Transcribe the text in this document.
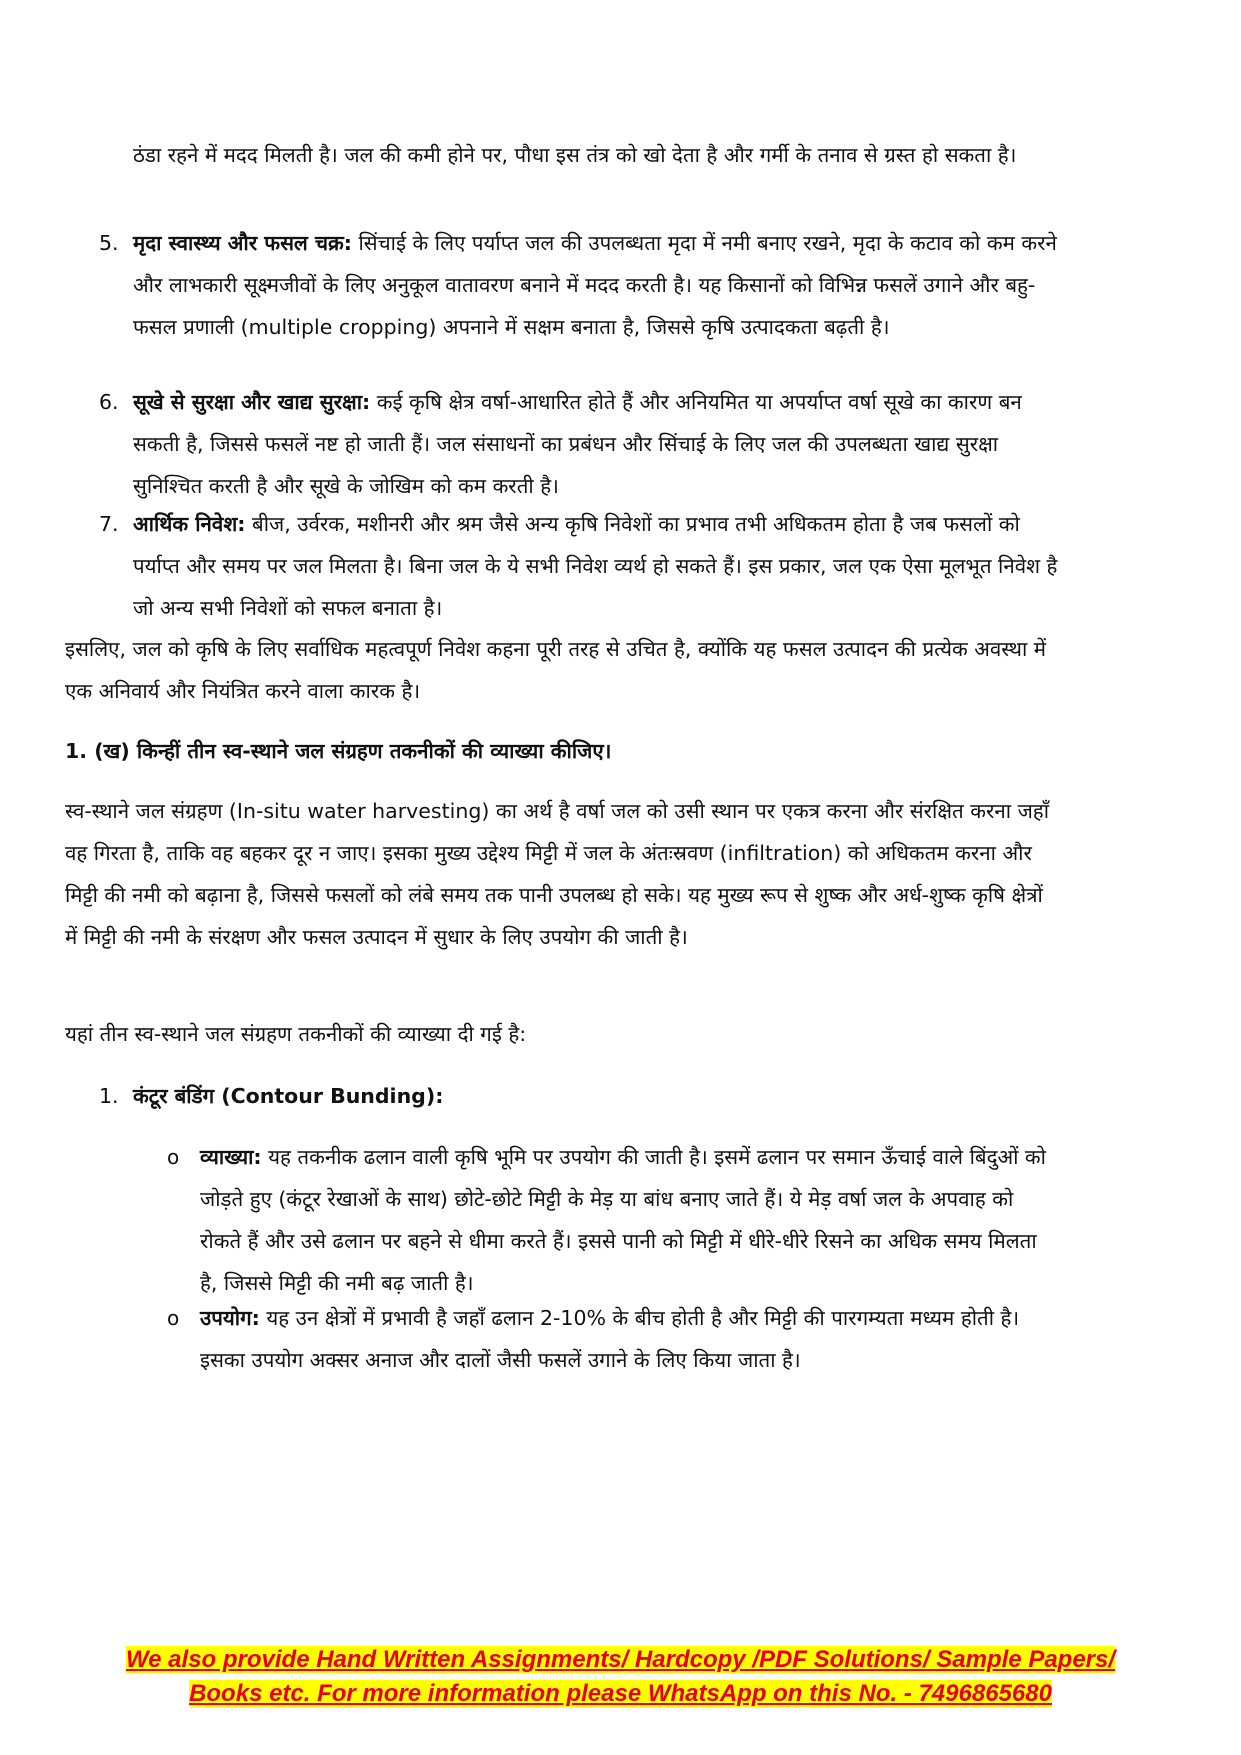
ठंडा रहने में मदद मिलती है। जल की कमी होने पर, पौधा इस तंत्र को खो देता है और गर्मी के तनाव से ग्रस्त हो सकता है।

5. मृदा स्वास्थ्य और फसल चक्र: सिंचाई के लिए पर्याप्त जल की उपलब्धता मृदा में नमी बनाए रखने, मृदा के कटाव को कम करने और लाभकारी सूक्ष्मजीवों के लिए अनुकूल वातावरण बनाने में मदद करती है। यह किसानों को विभिन्न फसलें उगाने और बहु-फसल प्रणाली (multiple cropping) अपनाने में सक्षम बनाता है, जिससे कृषि उत्पादकता बढ़ती है।

6. सूखे से सुरक्षा और खाद्य सुरक्षा: कई कृषि क्षेत्र वर्षा-आधारित होते हैं और अनियमित या अपर्याप्त वर्षा सूखे का कारण बन सकती है, जिससे फसलें नष्ट हो जाती हैं। जल संसाधनों का प्रबंधन और सिंचाई के लिए जल की उपलब्धता खाद्य सुरक्षा सुनिश्चित करती है और सूखे के जोखिम को कम करती है।

7. आर्थिक निवेश: बीज, उर्वरक, मशीनरी और श्रम जैसे अन्य कृषि निवेशों का प्रभाव तभी अधिकतम होता है जब फसलों को पर्याप्त और समय पर जल मिलता है। बिना जल के ये सभी निवेश व्यर्थ हो सकते हैं। इस प्रकार, जल एक ऐसा मूलभूत निवेश है जो अन्य सभी निवेशों को सफल बनाता है।

इसलिए, जल को कृषि के लिए सर्वाधिक महत्वपूर्ण निवेश कहना पूरी तरह से उचित है, क्योंकि यह फसल उत्पादन की प्रत्येक अवस्था में एक अनिवार्य और नियंत्रित करने वाला कारक है।

1. (ख) किन्हीं तीन स्व-स्थाने जल संग्रहण तकनीकों की व्याख्या कीजिए।

स्व-स्थाने जल संग्रहण (In-situ water harvesting) का अर्थ है वर्षा जल को उसी स्थान पर एकत्र करना और संरक्षित करना जहाँ वह गिरता है, ताकि वह बहकर दूर न जाए। इसका मुख्य उद्देश्य मिट्टी में जल के अंतःस्रवण (infiltration) को अधिकतम करना और मिट्टी की नमी को बढ़ाना है, जिससे फसलों को लंबे समय तक पानी उपलब्ध हो सके। यह मुख्य रूप से शुष्क और अर्ध-शुष्क कृषि क्षेत्रों में मिट्टी की नमी के संरक्षण और फसल उत्पादन में सुधार के लिए उपयोग की जाती है।

यहां तीन स्व-स्थाने जल संग्रहण तकनीकों की व्याख्या दी गई है:

1. कंटूर बंडिंग (Contour Bunding):

o व्याख्या: यह तकनीक ढलान वाली कृषि भूमि पर उपयोग की जाती है। इसमें ढलान पर समान ऊँचाई वाले बिंदुओं को जोड़ते हुए (कंटूर रेखाओं के साथ) छोटे-छोटे मिट्टी के मेड़ या बांध बनाए जाते हैं। ये मेड़ वर्षा जल के अपवाह को रोकते हैं और उसे ढलान पर बहने से धीमा करते हैं। इससे पानी को मिट्टी में धीरे-धीरे रिसने का अधिक समय मिलता है, जिससे मिट्टी की नमी बढ़ जाती है।

o उपयोग: यह उन क्षेत्रों में प्रभावी है जहाँ ढलान 2-10% के बीच होती है और मिट्टी की पारगम्यता मध्यम होती है। इसका उपयोग अक्सर अनाज और दालों जैसी फसलें उगाने के लिए किया जाता है।

We also provide Hand Written Assignments/ Hardcopy /PDF Solutions/ Sample Papers/
Books etc. For more information please WhatsApp on this No. - 7496865680
